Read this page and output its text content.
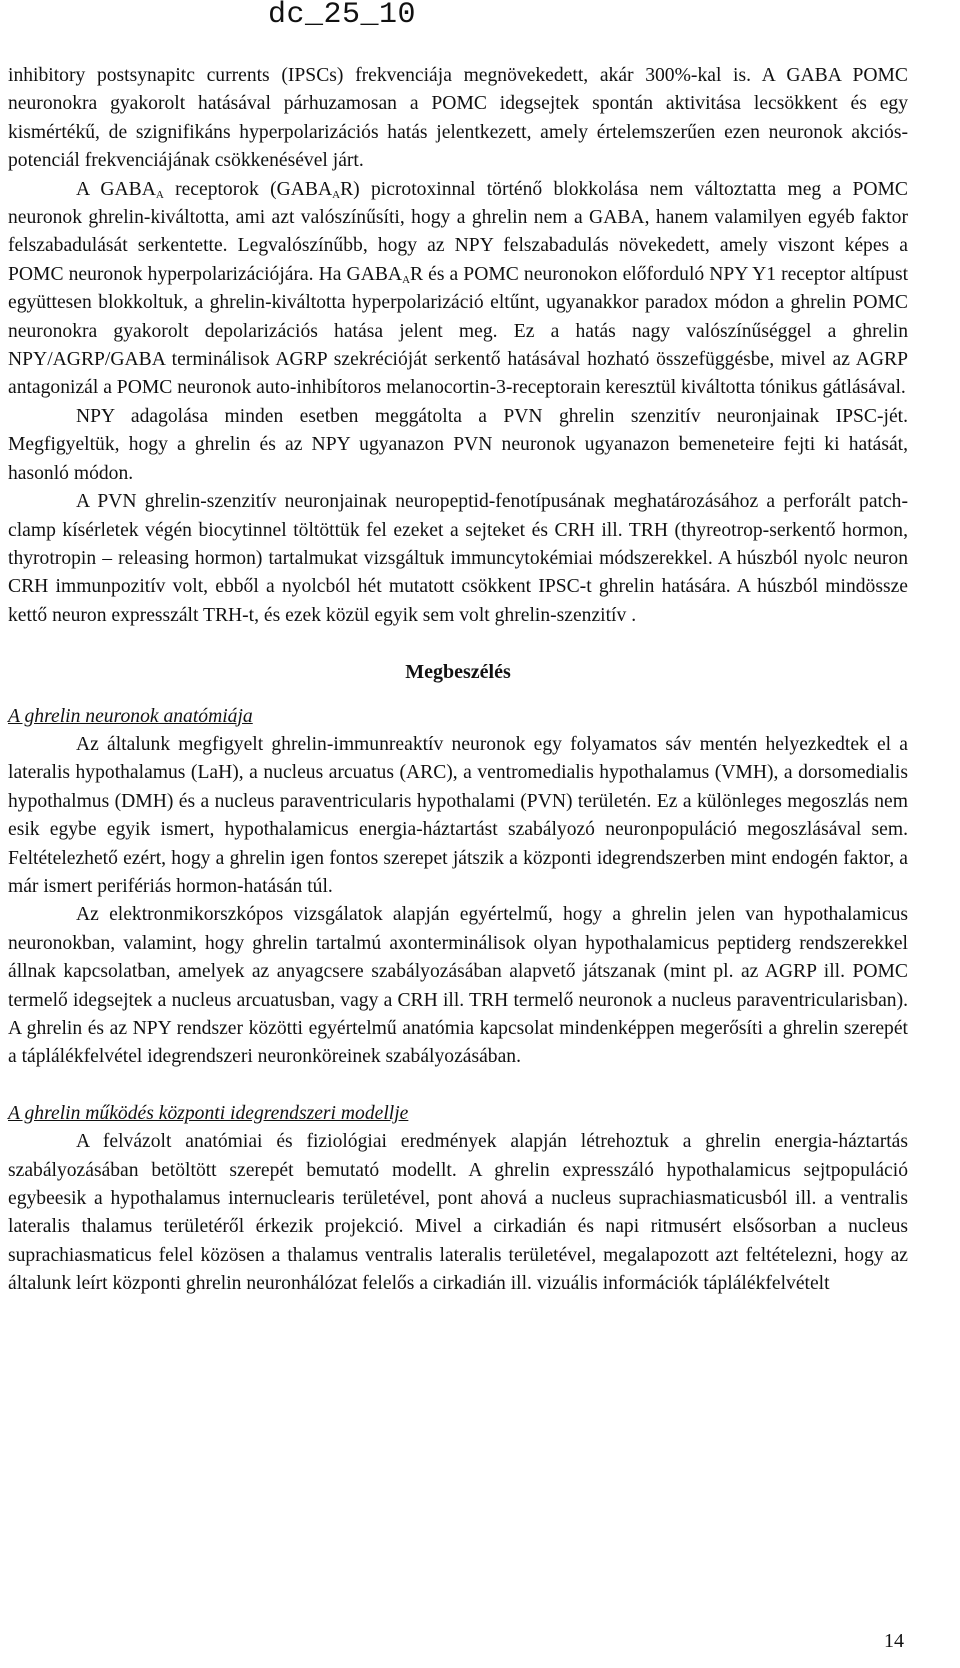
dc_25_10

inhibitory postsynapitc currents (IPSCs) frekvenciája megnövekedett, akár 300%-kal is. A GABA POMC neuronokra gyakorolt hatásával párhuzamosan a POMC idegsejtek spontán aktivitása lecsökkent és egy kismértékű, de szignifikáns hyperpolarizációs hatás jelentkezett, amely értelemszerűen ezen neuronok akciós-potenciál frekvenciájának csökkenésével járt.

A $GABA_A$ receptorok $(GABA_AR)$ picrotoxinnal történő blokkolása nem változtatta meg a POMC neuronok ghrelin-kiváltotta, ami azt valószínűsíti, hogy a ghrelin nem a GABA, hanem valamilyen egyéb faktor felszabadulását serkentette. Legvalószínűbb, hogy az NPY felszabadulás növekedett, amely viszont képes a POMC neuronok hyperpolarizációjára. Ha $GABA_AR$ és a POMC neuronokon előforduló NPY Y1 receptor altípust együttesen blokkoltuk, a ghrelin-kiváltotta hyperpolarizáció eltűnt, ugyanakkor paradox módon a ghrelin POMC neuronokra gyakorolt depolarizációs hatása jelent meg. Ez a hatás nagy valószínűséggel a ghrelin NPY/AGRP/GABA terminálisok AGRP szekrécióját serkentő hatásával hozható összefüggésbe, mivel az AGRP antagonizál a POMC neuronok auto-inhibítoros melanocortin-3-receptorain keresztül kiváltotta tónikus gátlásával.

NPY adagolása minden esetben meggátolta a PVN ghrelin szenzitív neuronjainak IPSC-jét. Megfigyeltük, hogy a ghrelin és az NPY ugyanazon PVN neuronok ugyanazon bemeneteire fejti ki hatását, hasonló módon.

A PVN ghrelin-szenzitív neuronjainak neuropeptid-fenotípusának meghatározásához a perforált patch-clamp kísérletek végén biocytinnel töltöttük fel ezeket a sejteket és CRH ill. TRH (thyreotrop-serkentő hormon, thyrotropin – releasing hormon) tartalmukat vizsgáltuk immuncytokémiai módszerekkel. A húszból nyolc neuron CRH immunpozitív volt, ebből a nyolcból hét mutatott csökkent IPSC-t ghrelin hatására. A húszból mindössze kettő neuron expresszált TRH-t, és ezek közül egyik sem volt ghrelin-szenzitív .

Megbeszélés

A ghrelin neuronok anatómiája

Az általunk megfigyelt ghrelin-immunreaktív neuronok egy folyamatos sáv mentén helyezkedtek el a lateralis hypothalamus (LaH), a nucleus arcuatus (ARC), a ventromedialis hypothalamus (VMH), a dorsomedialis hypothalmus (DMH) és a nucleus paraventricularis hypothalami (PVN) területén. Ez a különleges megoszlás nem esik egybe egyik ismert, hypothalamicus energia-háztartást szabályozó neuronpopuláció megoszlásával sem. Feltételezhető ezért, hogy a ghrelin igen fontos szerepet játszik a központi idegrendszerben mint endogén faktor, a már ismert perifériás hormon-hatásán túl.

Az elektronmikorszkópos vizsgálatok alapján egyértelmű, hogy a ghrelin jelen van hypothalamicus neuronokban, valamint, hogy ghrelin tartalmú axonterminálisok olyan hypothalamicus peptiderg rendszerekkel állnak kapcsolatban, amelyek az anyagcsere szabályozásában alapvető játszanak (mint pl. az AGRP ill. POMC termelő idegsejtek a nucleus arcuatusban, vagy a CRH ill. TRH termelő neuronok a nucleus paraventricularisban). A ghrelin és az NPY rendszer közötti egyértelmű anatómia kapcsolat mindenképpen megerősíti a ghrelin szerepét a táplálékfelvétel idegrendszeri neuronköreinek szabályozásában.

A ghrelin működés központi idegrendszeri modellje

A felvázolt anatómiai és fiziológiai eredmények alapján létrehoztuk a ghrelin energia-háztartás szabályozásában betöltött szerepét bemutató modellt. A ghrelin expresszáló hypothalamicus sejtpopuláció egybeesik a hypothalamus internuclearis területével, pont ahová a nucleus suprachiasmaticusból ill. a ventralis lateralis thalamus területéről érkezik projekció. Mivel a cirkadián és napi ritmusért elsősorban a nucleus suprachiasmaticus felel közösen a thalamus ventralis lateralis területével, megalapozott azt feltételezni, hogy az általunk leírt központi ghrelin neuronhálózat felelős a cirkadián ill. vizuális információk táplálékfelvételt

14
